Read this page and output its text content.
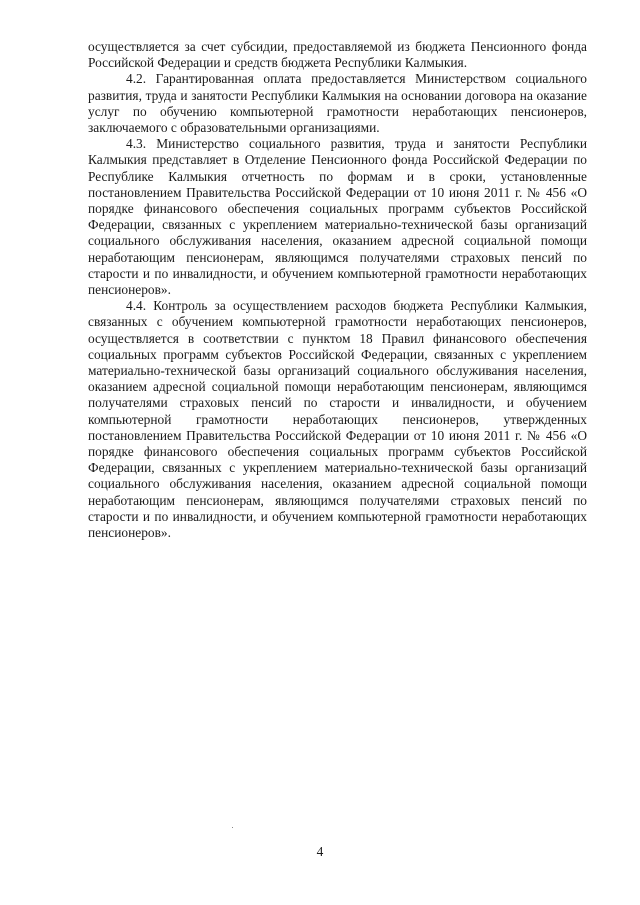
осуществляется за счет субсидии, предоставляемой из бюджета Пенсионного фонда Российской Федерации и средств бюджета Республики Калмыкия.

4.2. Гарантированная оплата предоставляется Министерством социального развития, труда и занятости Республики Калмыкия на основании договора на оказание услуг по обучению компьютерной грамотности неработающих пенсионеров, заключаемого с образовательными организациями.

4.3. Министерство социального развития, труда и занятости Республики Калмыкия представляет в Отделение Пенсионного фонда Российской Федерации по Республике Калмыкия отчетность по формам и в сроки, установленные постановлением Правительства Российской Федерации от 10 июня 2011 г. № 456 «О порядке финансового обеспечения социальных программ субъектов Российской Федерации, связанных с укреплением материально-технической базы организаций социального обслуживания населения, оказанием адресной социальной помощи неработающим пенсионерам, являющимся получателями страховых пенсий по старости и по инвалидности, и обучением компьютерной грамотности неработающих пенсионеров».

4.4. Контроль за осуществлением расходов бюджета Республики Калмыкия, связанных с обучением компьютерной грамотности неработающих пенсионеров, осуществляется в соответствии с пунктом 18 Правил финансового обеспечения социальных программ субъектов Российской Федерации, связанных с укреплением материально-технической базы организаций социального обслуживания населения, оказанием адресной социальной помощи неработающим пенсионерам, являющимся получателями страховых пенсий по старости и инвалидности, и обучением компьютерной грамотности неработающих пенсионеров, утвержденных постановлением Правительства Российской Федерации от 10 июня 2011 г. № 456 «О порядке финансового обеспечения социальных программ субъектов Российской Федерации, связанных с укреплением материально-технической базы организаций социального обслуживания населения, оказанием адресной социальной помощи неработающим пенсионерам, являющимся получателями страховых пенсий по старости и по инвалидности, и обучением компьютерной грамотности неработающих пенсионеров».

4
